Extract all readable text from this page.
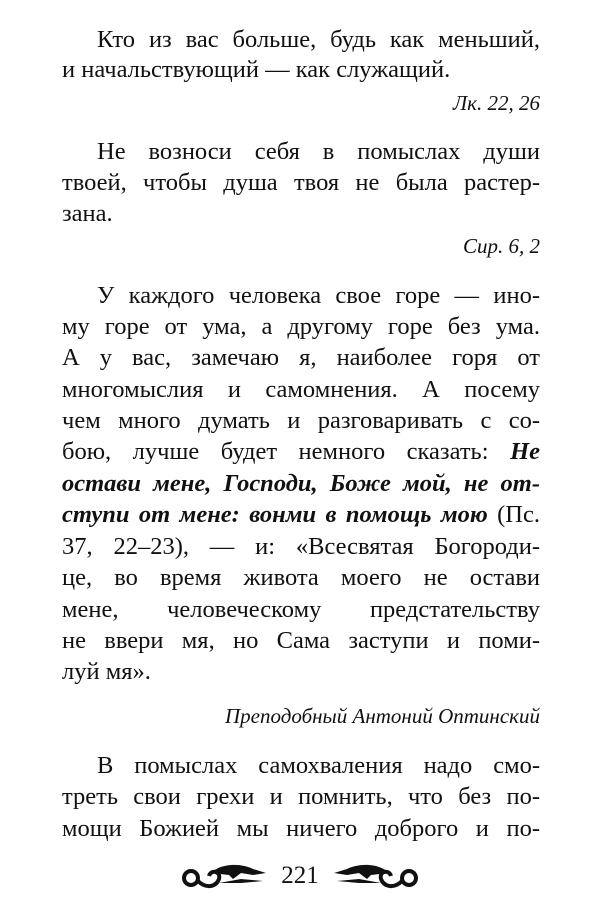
Кто из вас больше, будь как меньший,
и начальствующий — как служащий.
Лк. 22, 26
Не возноси себя в помыслах души
твоей, чтобы душа твоя не была растер-
зана.
Сир. 6, 2
У каждого человека свое горе — ино-
му горе от ума, а другому горе без ума.
А у вас, замечаю я, наиболее горя от
многомыслия и самомнения. А посему
чем много думать и разговаривать с со-
бою, лучше будет немного сказать: Не
остави мене, Господи, Боже мой, не от-
ступи от мене: вонми в помощь мою (Пс.
37, 22–23), — и: «Всесвятая Богороди-
це, во время живота моего не остави
мене, человеческому предстательству
не ввери мя, но Сама заступи и поми-
луй мя».
Преподобный Антоний Оптинский
В помыслах самохваления надо смо-
треть свои грехи и помнить, что без по-
мощи Божией мы ничего доброго и по-
221
